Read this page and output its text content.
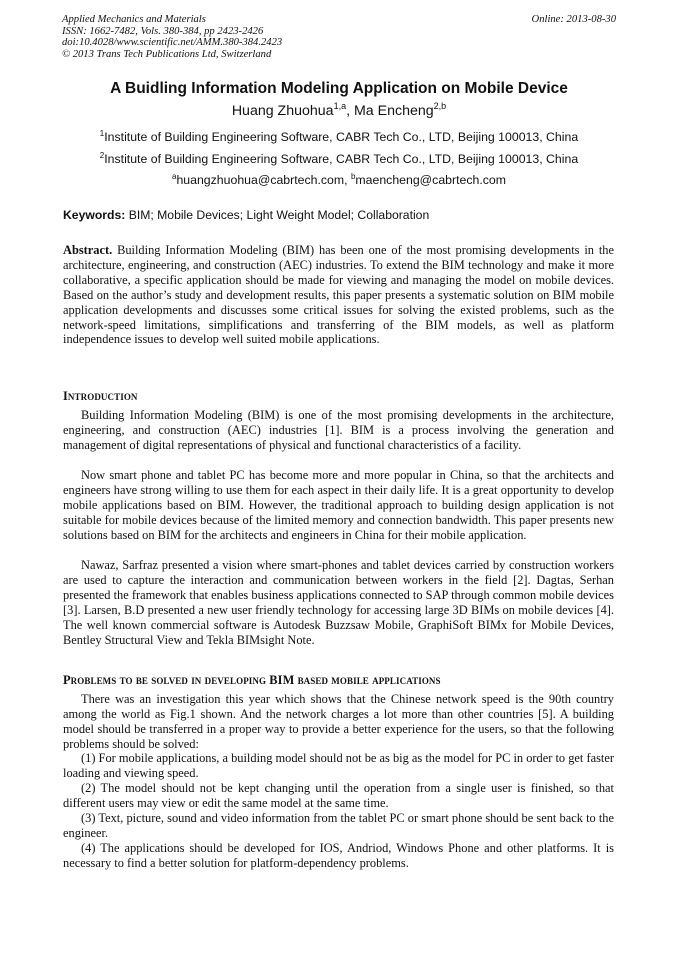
Applied Mechanics and Materials
ISSN: 1662-7482, Vols. 380-384, pp 2423-2426
doi:10.4028/www.scientific.net/AMM.380-384.2423
© 2013 Trans Tech Publications Ltd, Switzerland
Online: 2013-08-30
A Buidling Information Modeling Application on Mobile Device
Huang Zhuohua$^{1,a}$, Ma Encheng$^{2,b}$
$^1$Institute of Building Engineering Software, CABR Tech Co., LTD, Beijing 100013, China
$^2$Institute of Building Engineering Software, CABR Tech Co., LTD, Beijing 100013, China
$^a$huangzhuohua@cabrtech.com, $^b$maencheng@cabrtech.com
Keywords: BIM; Mobile Devices; Light Weight Model; Collaboration
Abstract. Building Information Modeling (BIM) has been one of the most promising developments in the architecture, engineering, and construction (AEC) industries. To extend the BIM technology and make it more collaborative, a specific application should be made for viewing and managing the model on mobile devices. Based on the author’s study and development results, this paper presents a systematic solution on BIM mobile application developments and discusses some critical issues for solving the existed problems, such as the network-speed limitations, simplifications and transferring of the BIM models, as well as platform independence issues to develop well suited mobile applications.
Introduction
Building Information Modeling (BIM) is one of the most promising developments in the architecture, engineering, and construction (AEC) industries [1]. BIM is a process involving the generation and management of digital representations of physical and functional characteristics of a facility.
Now smart phone and tablet PC has become more and more popular in China, so that the architects and engineers have strong willing to use them for each aspect in their daily life. It is a great opportunity to develop mobile applications based on BIM. However, the traditional approach to building design application is not suitable for mobile devices because of the limited memory and connection bandwidth. This paper presents new solutions based on BIM for the architects and engineers in China for their mobile application.
Nawaz, Sarfraz presented a vision where smart-phones and tablet devices carried by construction workers are used to capture the interaction and communication between workers in the field [2]. Dagtas, Serhan presented the framework that enables business applications connected to SAP through common mobile devices [3]. Larsen, B.D presented a new user friendly technology for accessing large 3D BIMs on mobile devices [4]. The well known commercial software is Autodesk Buzzsaw Mobile, GraphiSoft BIMx for Mobile Devices, Bentley Structural View and Tekla BIMsight Note.
Problems to be solved in developing BIM based mobile applications
There was an investigation this year which shows that the Chinese network speed is the 90th country among the world as Fig.1 shown. And the network charges a lot more than other countries [5]. A building model should be transferred in a proper way to provide a better experience for the users, so that the following problems should be solved:
(1) For mobile applications, a building model should not be as big as the model for PC in order to get faster loading and viewing speed.
(2) The model should not be kept changing until the operation from a single user is finished, so that different users may view or edit the same model at the same time.
(3) Text, picture, sound and video information from the tablet PC or smart phone should be sent back to the engineer.
(4) The applications should be developed for IOS, Andriod, Windows Phone and other platforms. It is necessary to find a better solution for platform-dependency problems.
